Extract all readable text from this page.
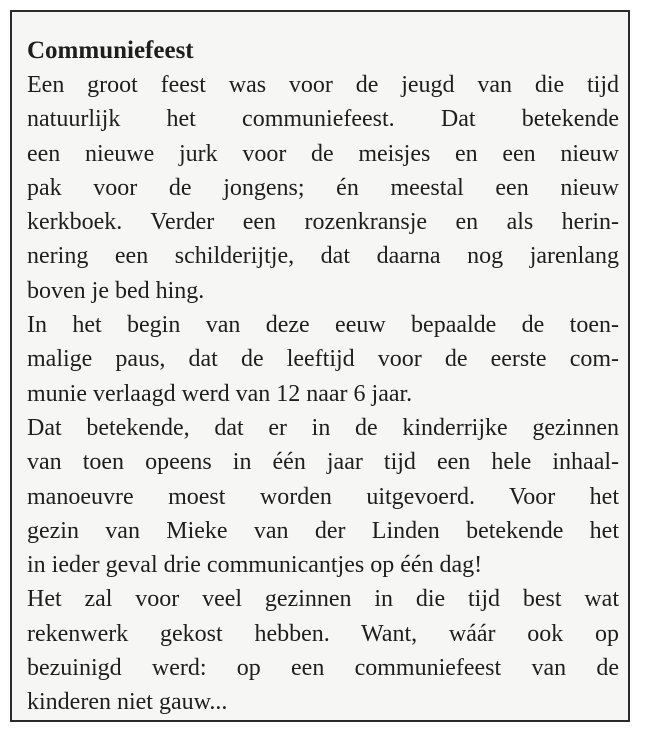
Communiefeest
Een groot feest was voor de jeugd van die tijd
natuurlijk het communiefeest. Dat betekende
een nieuwe jurk voor de meisjes en een nieuw
pak voor de jongens; én meestal een nieuw
kerkboek. Verder een rozenkransje en als herin-
nering een schilderijtje, dat daarna nog jarenlang
boven je bed hing.
In het begin van deze eeuw bepaalde de toen-
malige paus, dat de leeftijd voor de eerste com-
munie verlaagd werd van 12 naar 6 jaar.
Dat betekende, dat er in de kinderrijke gezinnen
van toen opeens in één jaar tijd een hele inhaal-
manoeuvre moest worden uitgevoerd. Voor het
gezin van Mieke van der Linden betekende het
in ieder geval drie communicantjes op één dag!
Het zal voor veel gezinnen in die tijd best wat
rekenwerk gekost hebben. Want, wáár ook op
bezuinigd werd: op een communiefeest van de
kinderen niet gauw...
